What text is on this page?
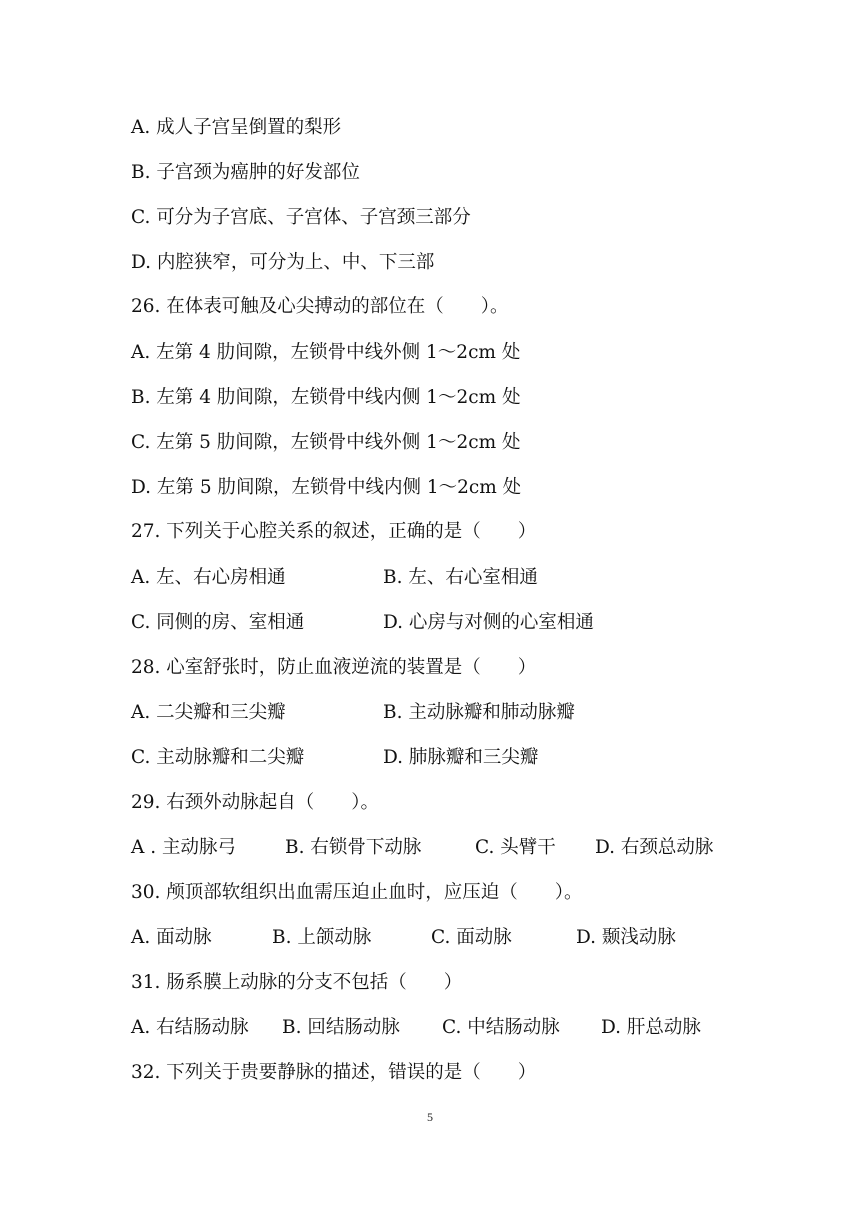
A. 成人子宫呈倒置的梨形
B. 子宫颈为癌肿的好发部位
C. 可分为子宫底、子宫体、子宫颈三部分
D. 内腔狭窄，可分为上、中、下三部
26. 在体表可触及心尖搏动的部位在（　　）。
A. 左第 4 肋间隙，左锁骨中线外侧 1～2cm 处
B. 左第 4 肋间隙，左锁骨中线内侧 1～2cm 处
C. 左第 5 肋间隙，左锁骨中线外侧 1～2cm 处
D. 左第 5 肋间隙，左锁骨中线内侧 1～2cm 处
27. 下列关于心腔关系的叙述，正确的是（　　）
A. 左、右心房相通	B. 左、右心室相通
C. 同侧的房、室相通	D. 心房与对侧的心室相通
28. 心室舒张时，防止血液逆流的装置是（　　）
A. 二尖瓣和三尖瓣	B. 主动脉瓣和肺动脉瓣
C. 主动脉瓣和二尖瓣	D. 肺脉瓣和三尖瓣
29. 右颈外动脉起自（　　）。
A . 主动脉弓	B. 右锁骨下动脉	C. 头臂干 D. 右颈总动脉
30. 颅顶部软组织出血需压迫止血时，应压迫（　　）。
A. 面动脉	B. 上颌动脉	C. 面动脉	D. 颞浅动脉
31. 肠系膜上动脉的分支不包括（　　）
A. 右结肠动脉 B. 回结肠动脉 C. 中结肠动脉 D. 肝总动脉
32. 下列关于贵要静脉的描述，错误的是（　　）
5
